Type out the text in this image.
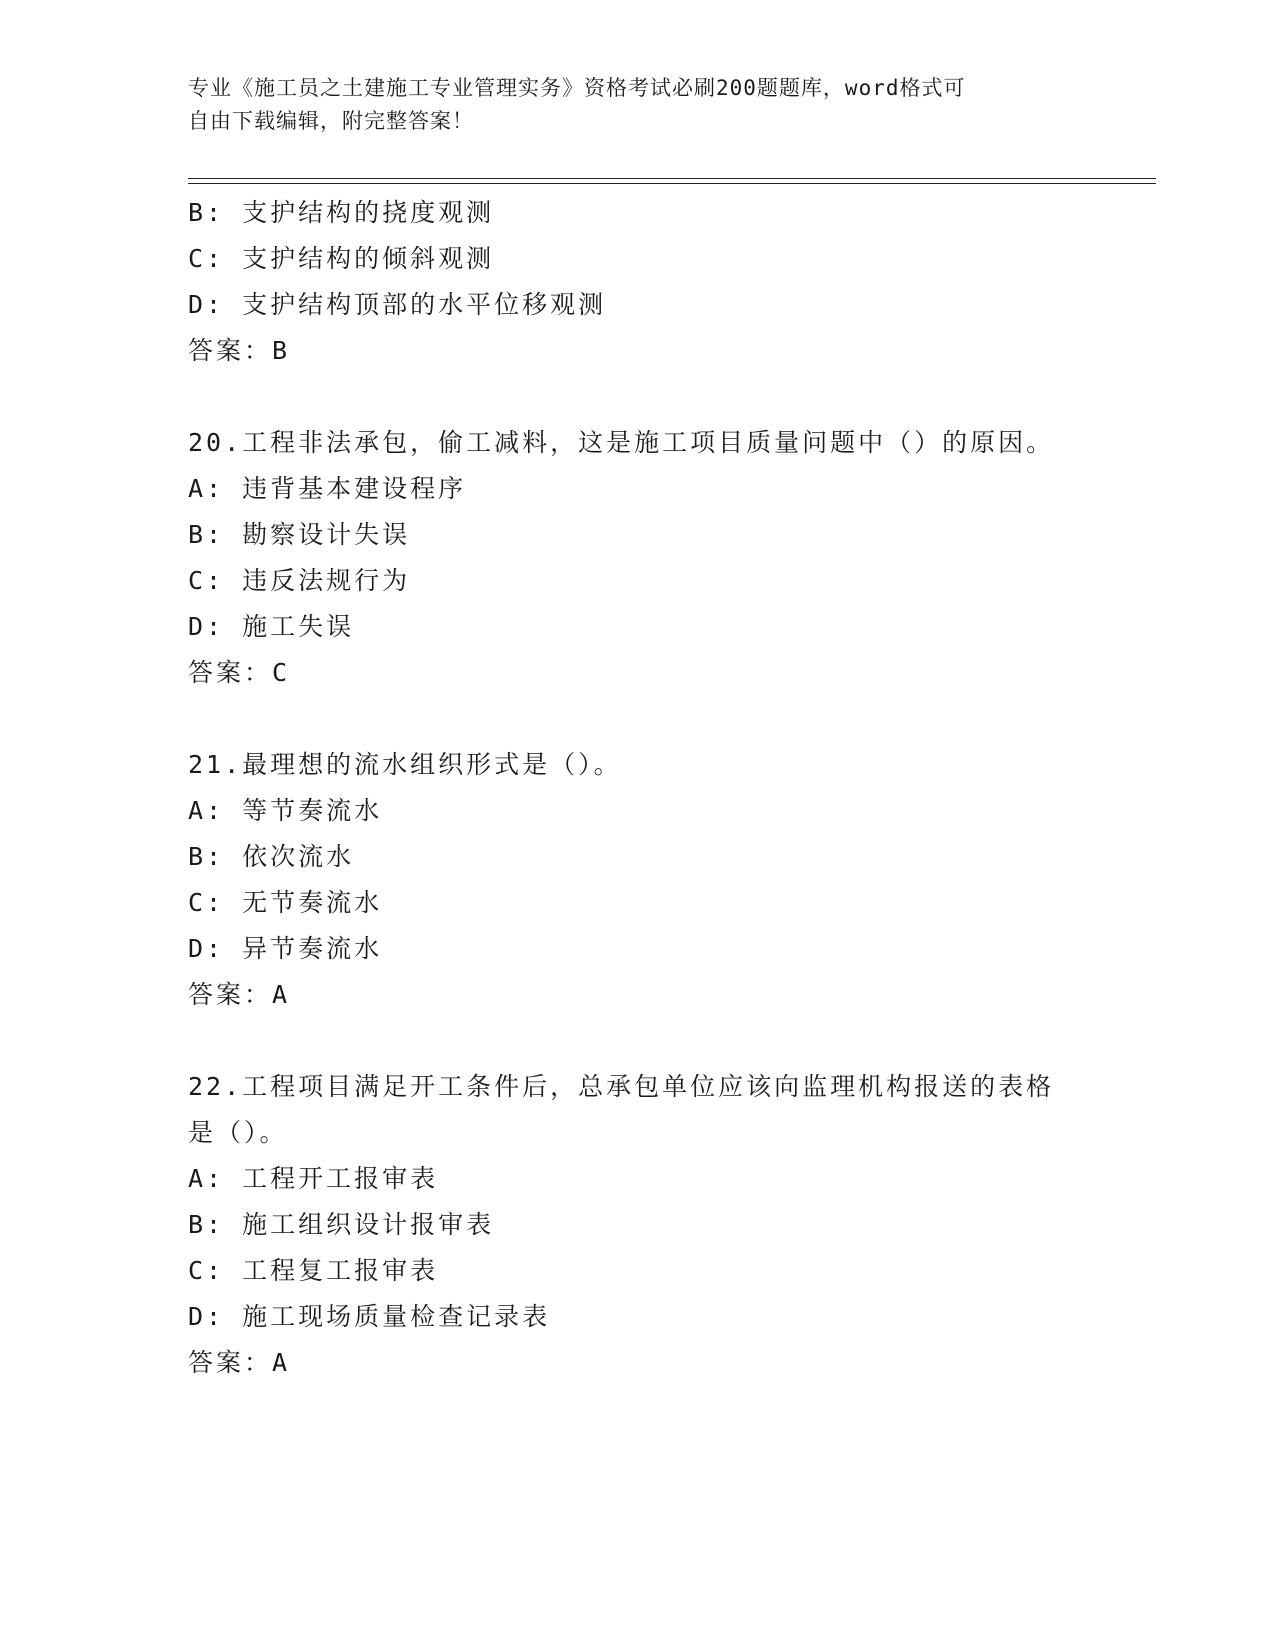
专业《施工员之土建施工专业管理实务》资格考试必刷200题题库，word格式可
自由下载编辑，附完整答案！
B: 支护结构的挠度观测
C: 支护结构的倾斜观测
D: 支护结构顶部的水平位移观测
答案：B
20.工程非法承包，偷工减料，这是施工项目质量问题中（）的原因。
A: 违背基本建设程序
B: 勘察设计失误
C: 违反法规行为
D: 施工失误
答案：C
21.最理想的流水组织形式是（）。
A: 等节奏流水
B: 依次流水
C: 无节奏流水
D: 异节奏流水
答案：A
22.工程项目满足开工条件后，总承包单位应该向监理机构报送的表格
是（）。
A: 工程开工报审表
B: 施工组织设计报审表
C: 工程复工报审表
D: 施工现场质量检查记录表
答案：A
